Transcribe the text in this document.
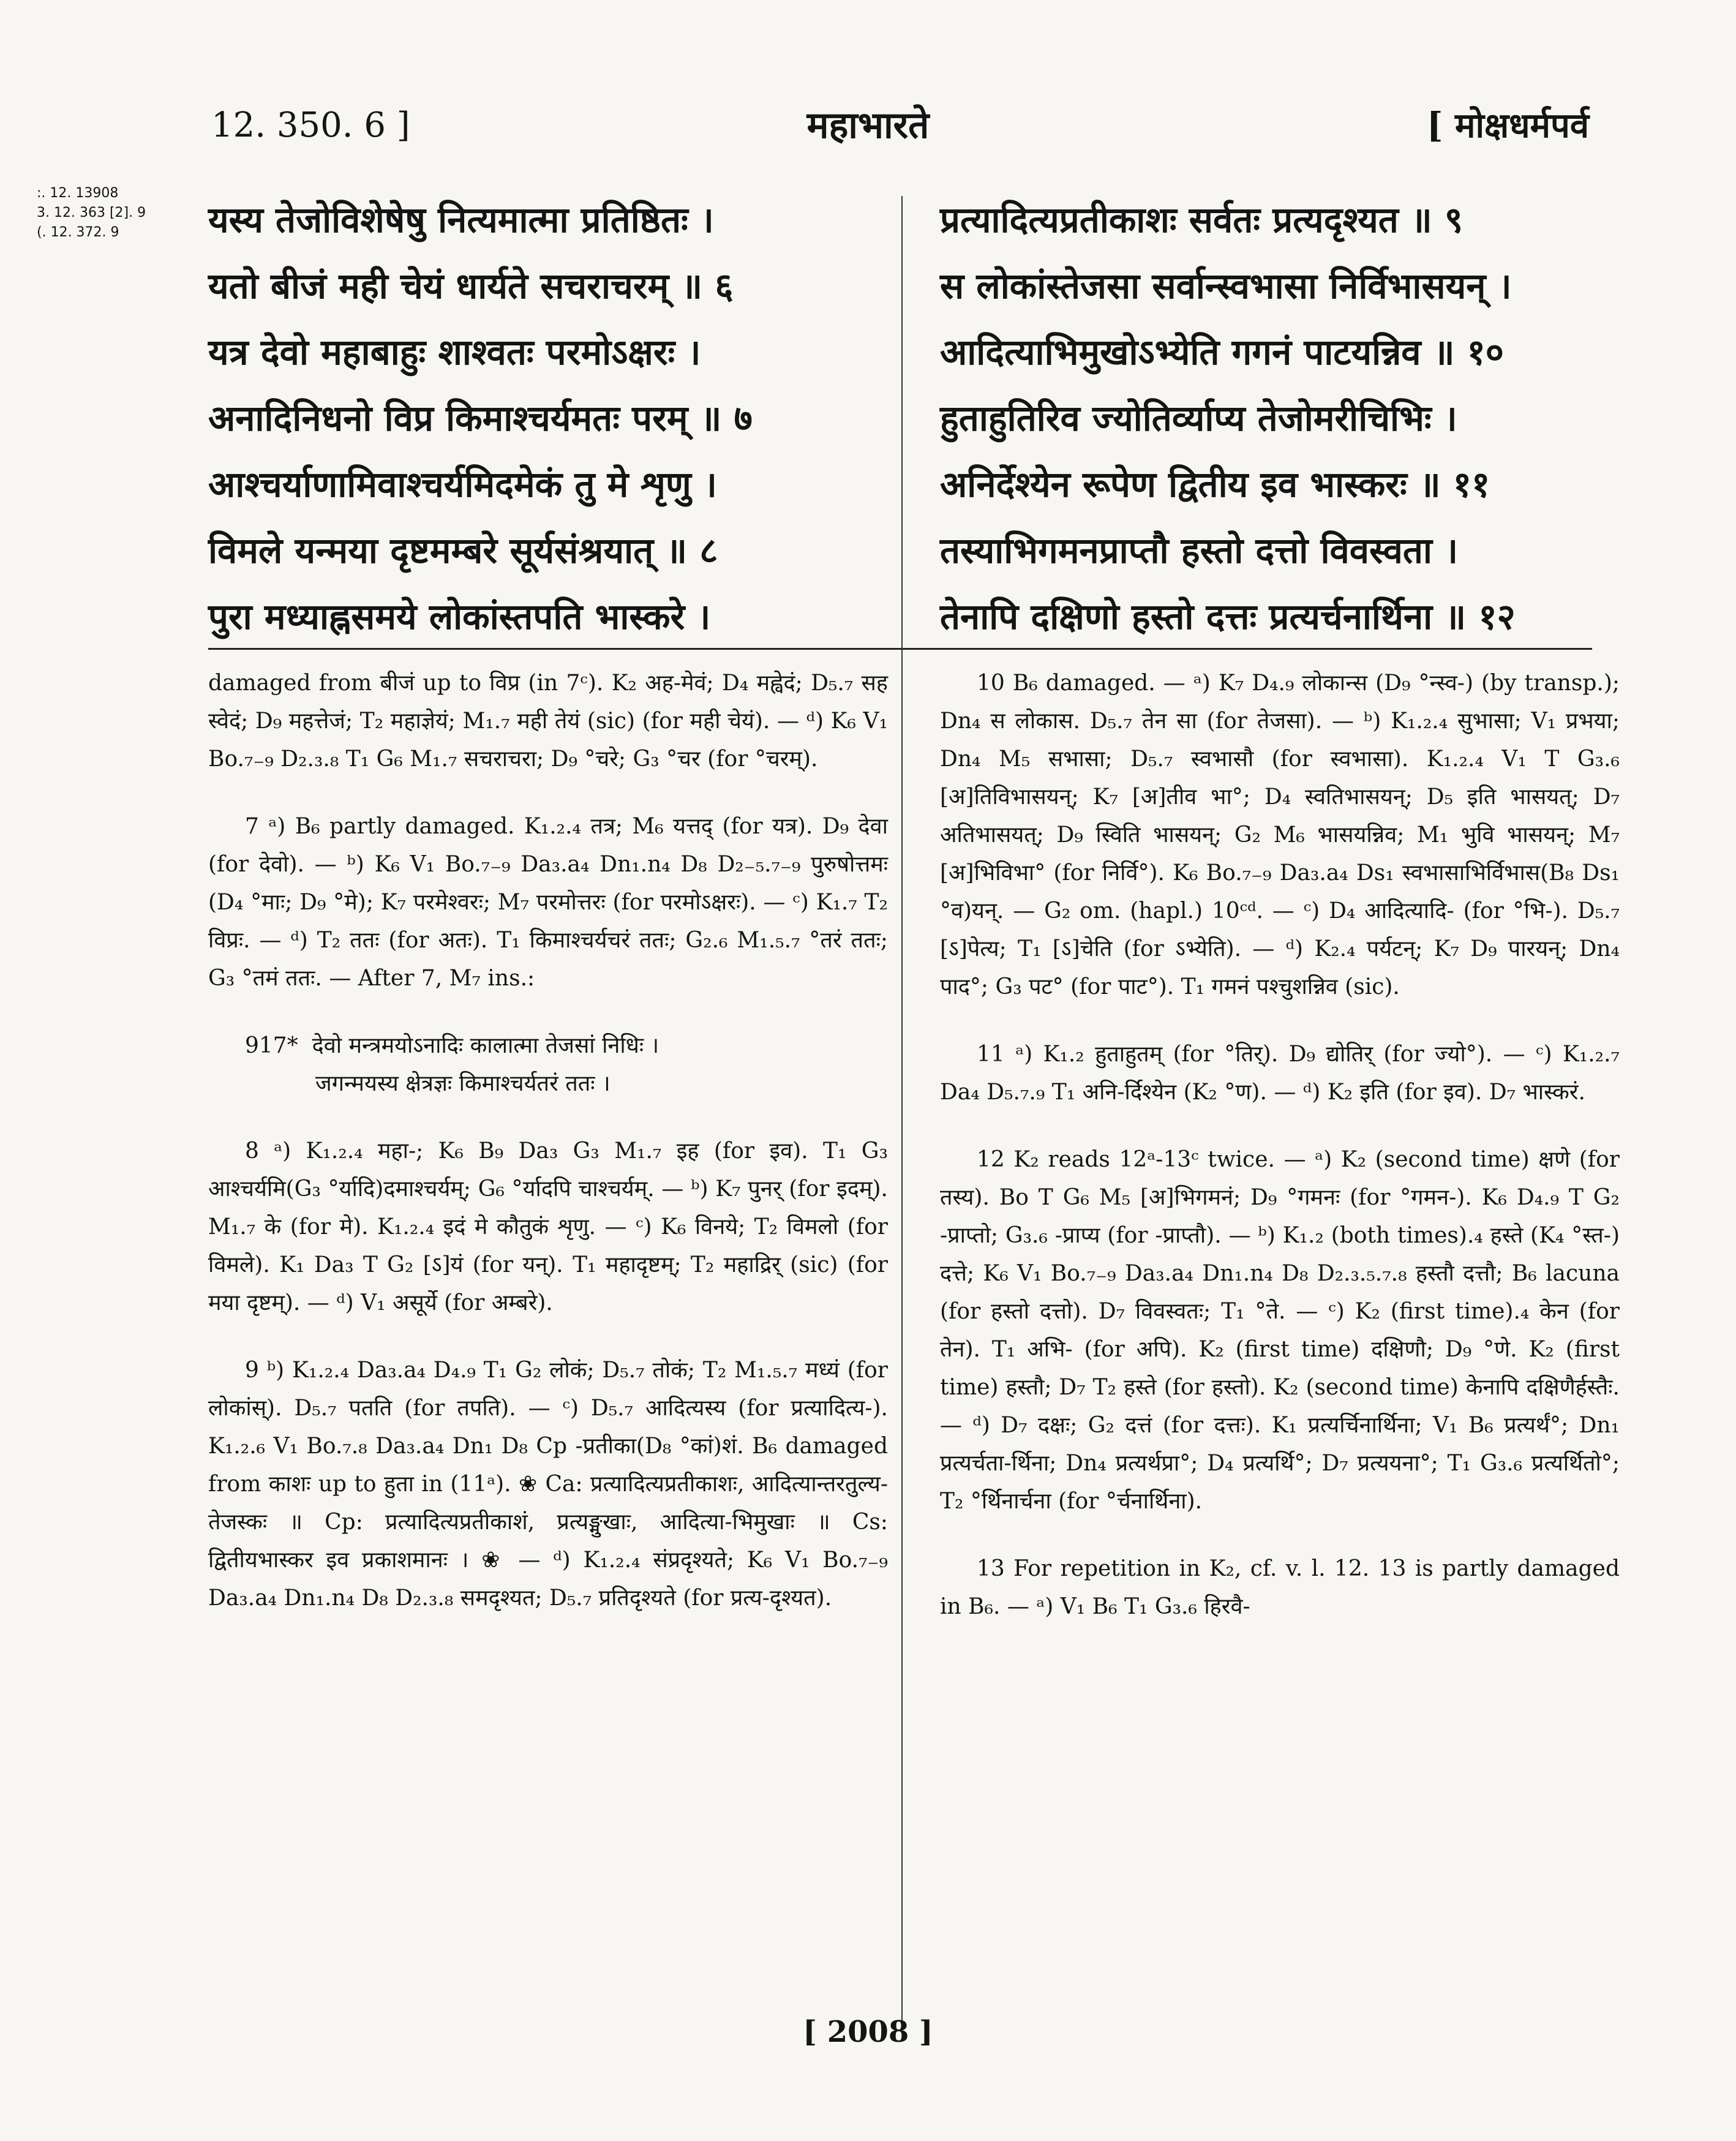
12. 350. 6 ]	महाभारते	[ मोक्षधर्मपर्व
:. 12. 13908
3. 12. 363 [2]. 9
(. 12. 372. 9	यस्य तेजोविशेषेषु नित्यमात्मा प्रतिष्ठितः ।
यतो बीजं मही चेयं धार्यते सचराचरम् ॥ ६
यत्र देवो महाबाहुः शाश्वतः परमोऽक्षरः ।
अनादिनिधनो विप्र किमाश्चर्यमतः परम् ॥ ७
आश्चर्याणामिवाश्चर्यमिदमेकं तु मे शृणु ।
विमले यन्मया दृष्टमम्बरे सूर्यसंश्रयात् ॥ ८
पुरा मध्याह्नसमये लोकांस्तपति भास्करे ।
प्रत्यादित्यप्रतीकाशः सर्वतः प्रत्यदृश्यत ॥ ९
स लोकांस्तेजसा सर्वान्स्वभासा निर्विभासयन् ।
आदित्याभिमुखोऽभ्येति गगनं पाटयन्निव ॥ १०
हुताहुतिरिव ज्योतिर्व्याप्य तेजोमरीचिभिः ।
अनिर्देश्येन रूपेण द्वितीय इव भास्करः ॥ ११
तस्याभिगमनप्राप्तौ हस्तो दत्तो विवस्वता ।
तेनापि दक्षिणो हस्तो दत्तः प्रत्यर्चनार्थिना ॥ १२

damaged from बीजं up to विप्र (in 7ᶜ). K₂ अह-मेवं; D₄ मह्वेदं; D₅.₇ सह स्वेदं; D₉ महत्तेजं; T₂ महाज्ञेयं; M₁.₇ मही तेयं (sic) (for मही चेयं). — ᵈ) K₆ V₁ Bo.₇₋₉ D₂.₃.₈ T₁ G₆ M₁.₇ सचराचरा; D₉ °चरे; G₃ °चर (for °चरम्).

7 ᵃ) B₆ partly damaged. K₁.₂.₄ तत्र; M₆ यत्तद् (for यत्र). D₉ देवा (for देवो). — ᵇ) K₆ V₁ Bo.₇₋₉ Da₃.a₄ Dn₁.n₄ D₈ D₂₋₅.₇₋₉ पुरुषोत्तमः (D₄ °माः; D₉ °मे); K₇ परमेश्वरः; M₇ परमोत्तरः (for परमोऽक्षरः). — ᶜ) K₁.₇ T₂ विप्रः. — ᵈ) T₂ ततः (for अतः). T₁ किमाश्चर्यचरं ततः; G₂.₆ M₁.₅.₇ °तरं ततः; G₃ °तमं ततः. — After 7, M₇ ins.:

917* देवो मन्त्रमयोऽनादिः कालात्मा तेजसां निधिः ।
जगन्मयस्य क्षेत्रज्ञः किमाश्चर्यतरं ततः ।

8 ᵃ) K₁.₂.₄ महा-; K₆ B₉ Da₃ G₃ M₁.₇ इह (for इव). T₁ G₃ आश्चर्यमि(G₃ °र्यादि)दमाश्चर्यम्; G₆ °र्यादपि चाश्चर्यम्. — ᵇ) K₇ पुनर् (for इदम्). M₁.₇ के (for मे). K₁.₂.₄ इदं मे कौतुकं शृणु. — ᶜ) K₆ विनये; T₂ विमलो (for विमले). K₁ Da₃ T G₂ [ऽ]यं (for यन्). T₁ महादृष्टम्; T₂ महाद्रिर् (sic) (for मया दृष्टम्). — ᵈ) V₁ असूर्ये (for अम्बरे).

9 ᵇ) K₁.₂.₄ Da₃.a₄ D₄.₉ T₁ G₂ लोकं; D₅.₇ तोकं; T₂ M₁.₅.₇ मध्यं (for लोकांस्). D₅.₇ पतति (for तपति). — ᶜ) D₅.₇ आदित्यस्य (for प्रत्यादित्य-). K₁.₂.₆ V₁ Bo.₇.₈ Da₃.a₄ Dn₁ D₈ Cp -प्रतीका(D₈ °कां)शं. B₆ damaged from काशः up to हुता in (11ᵃ). ❀ Ca: प्रत्यादित्यप्रतीकाशः, आदित्यान्तरतुल्य-तेजस्कः ॥ Cp: प्रत्यादित्यप्रतीकाशं, प्रत्यङ्मुखाः, आदित्या-भिमुखाः ॥ Cs: द्वितीयभास्कर इव प्रकाशमानः । ❀ — ᵈ) K₁.₂.₄ संप्रदृश्यते; K₆ V₁ Bo.₇₋₉ Da₃.a₄ Dn₁.n₄ D₈ D₂.₃.₈ समदृश्यत; D₅.₇ प्रतिदृश्यते (for प्रत्य-दृश्यत).

10 B₆ damaged. — ᵃ) K₇ D₄.₉ लोकान्स (D₉ °न्स्व-) (by transp.); Dn₄ स लोकास. D₅.₇ तेन सा (for तेजसा). — ᵇ) K₁.₂.₄ सुभासा; V₁ प्रभया; Dn₄ M₅ सभासा; D₅.₇ स्वभासौ (for स्वभासा). K₁.₂.₄ V₁ T G₃.₆ [अ]तिविभासयन्; K₇ [अ]तीव भा°; D₄ स्वतिभासयन्; D₅ इति भासयत्; D₇ अतिभासयत्; D₉ स्विति भासयन्; G₂ M₆ भासयन्निव; M₁ भुवि भासयन्; M₇ [अ]भिविभा° (for निर्वि°). K₆ Bo.₇₋₉ Da₃.a₄ Ds₁ स्वभासाभिर्विभास(B₈ Ds₁ °व)यन्. — G₂ om. (hapl.) 10ᶜᵈ. — ᶜ) D₄ आदित्यादि- (for °भि-). D₅.₇ [ऽ]पेत्य; T₁ [ऽ]चेति (for ऽभ्येति). — ᵈ) K₂.₄ पर्यटन्; K₇ D₉ पारयन्; Dn₄ पाद°; G₃ पट° (for पाट°). T₁ गमनं पश्चुशन्निव (sic).

11 ᵃ) K₁.₂ हुताहुतम् (for °तिर्). D₉ द्योतिर् (for ज्यो°). — ᶜ) K₁.₂.₇ Da₄ D₅.₇.₉ T₁ अनि-र्दिश्येन (K₂ °ण). — ᵈ) K₂ इति (for इव). D₇ भास्करं.

12 K₂ reads 12ᵃ-13ᶜ twice. — ᵃ) K₂ (second time) क्षणे (for तस्य). Bo T G₆ M₅ [अ]भिगमनं; D₉ °गमनः (for °गमन-). K₆ D₄.₉ T G₂ -प्राप्तो; G₃.₆ -प्राप्य (for -प्राप्तौ). — ᵇ) K₁.₂ (both times).₄ हस्ते (K₄ °स्त-) दत्ते; K₆ V₁ Bo.₇₋₉ Da₃.a₄ Dn₁.n₄ D₈ D₂.₃.₅.₇.₈ हस्तौ दत्तौ; B₆ lacuna (for हस्तो दत्तो). D₇ विवस्वतः; T₁ °ते. — ᶜ) K₂ (first time).₄ केन (for तेन). T₁ अभि- (for अपि). K₂ (first time) दक्षिणौ; D₉ °णे. K₂ (first time) हस्तौ; D₇ T₂ हस्ते (for हस्तो). K₂ (second time) केनापि दक्षिणैर्हस्तैः. — ᵈ) D₇ दक्षः; G₂ दत्तं (for दत्तः). K₁ प्रत्यर्चिनार्थिना; V₁ B₆ प्रत्यर्थं°; Dn₁ प्रत्यर्चता-र्थिना; Dn₄ प्रत्यर्थप्रा°; D₄ प्रत्यर्थि°; D₇ प्रत्ययना°; T₁ G₃.₆ प्रत्यर्थितो°; T₂ °र्थिनार्चना (for °र्चनार्थिना).

13 For repetition in K₂, cf. v. l. 12. 13 is partly damaged in B₆. — ᵃ) V₁ B₆ T₁ G₃.₆ हिरवै-

[ 2008 ]
